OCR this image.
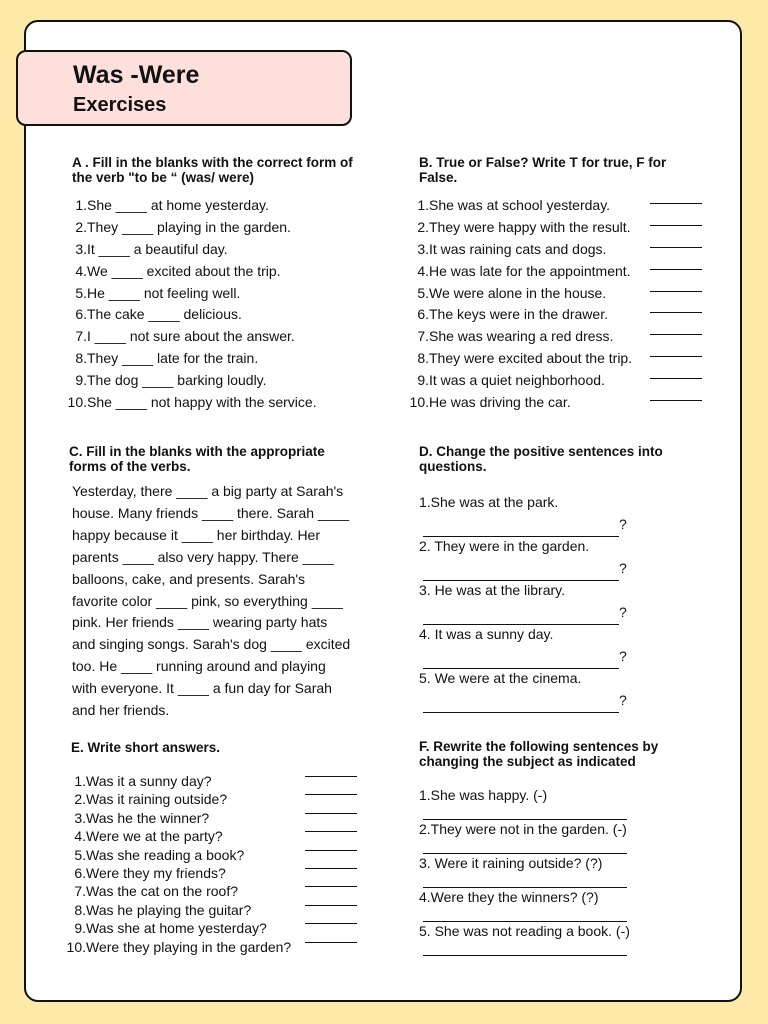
Was -Were
Exercises

A . Fill in the blanks with the correct form of the verb "to be “ (was/ were)

1.She ____ at home yesterday.
2.They ____ playing in the garden.
3.It ____ a beautiful day.
4.We ____ excited about the trip.
5.He ____ not feeling well.
6.The cake ____ delicious.
7.I ____ not sure about the answer.
8.They ____ late for the train.
9.The dog ____ barking loudly.
10.She ____ not happy with the service.

B. True or False? Write T for true, F for False.

1.She was at school yesterday.
2.They were happy with the result.
3.It was raining cats and dogs.
4.He was late for the appointment.
5.We were alone in the house.
6.The keys were in the drawer.
7.She was wearing a red dress.
8.They were excited about the trip.
9.It was a quiet neighborhood.
10.He was driving the car.

C. Fill in the blanks with the appropriate forms of the verbs.

Yesterday, there ____ a big party at Sarah's house. Many friends ____ there. Sarah ____ happy because it ____ her birthday. Her parents ____ also very happy. There ____ balloons, cake, and presents. Sarah's favorite color ____ pink, so everything ____ pink. Her friends ____ wearing party hats and singing songs. Sarah's dog ____ excited too. He ____ running around and playing with everyone. It ____ a fun day for Sarah and her friends.

D. Change the positive sentences into questions.

1.She was at the park.
?
2. They were in the garden.
?
3. He was at the library.
?
4. It was a sunny day.
?
5. We were at the cinema.
?

E. Write short answers.

1.Was it a sunny day?
2.Was it raining outside?
3.Was he the winner?
4.Were we at the party?
5.Was she reading a book?
6.Were they my friends?
7.Was the cat on the roof?
8.Was he playing the guitar?
9.Was she at home yesterday?
10.Were they playing in the garden?

F. Rewrite the following sentences by changing the subject as indicated

1.She was happy. (-)
2.They were not in the garden. (-)
3. Were it raining outside? (?)
4.Were they the winners? (?)
5. She was not reading a book. (-)
